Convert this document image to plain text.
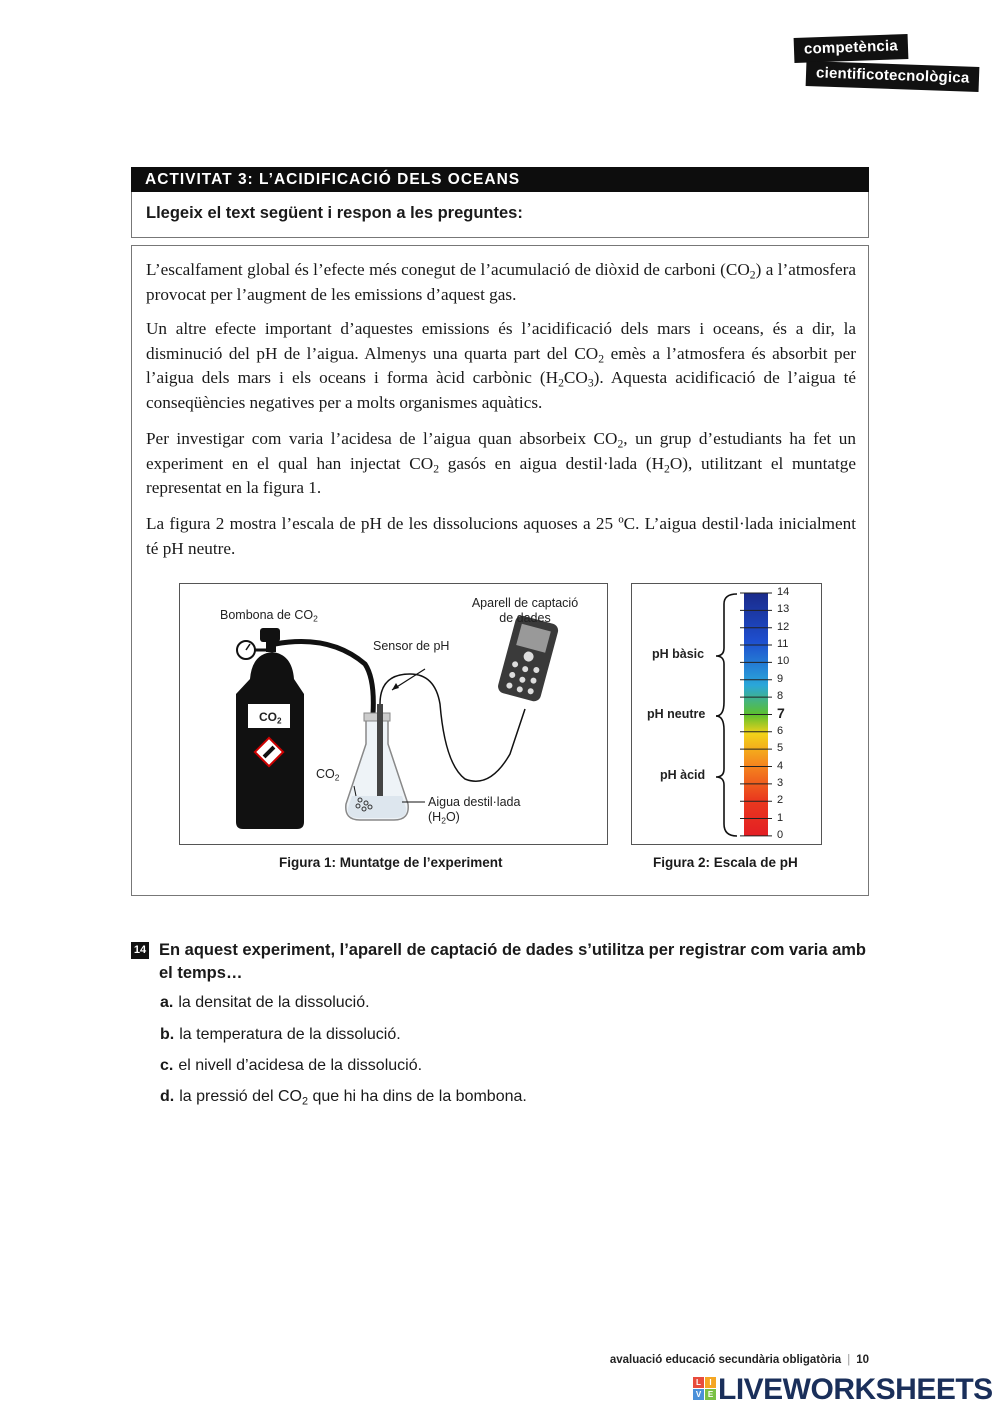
competència
cientificotecnològica
ACTIVITAT 3: L’ACIDIFICACIÓ DELS OCEANS
Llegeix el text següent i respon a les preguntes:

L’escalfament global és l’efecte més conegut de l’acumulació de diòxid de carboni $(CO_2)$ a l’atmosfera provocat per l’augment de les emissions d’aquest gas.

Un altre efecte important d’aquestes emissions és l’acidificació dels mars i oceans, és a dir, la disminució del pH de l’aigua. Almenys una quarta part del $CO_2$ emès a l’atmosfera és absorbit per l’aigua dels mars i els oceans i forma àcid carbònic $(H_2CO_3)$. Aquesta acidificació de l’aigua té conseqüències negatives per a molts organismes aquàtics.

Per investigar com varia l’acidesa de l’aigua quan absorbeix $CO_2$, un grup d’estudiants ha fet un experiment en el qual han injectat $CO_2$ gasós en aigua destil·lada $(H_2O)$, utilitzant el muntatge representat en la figura 1.

La figura 2 mostra l’escala de pH de les dissolucions aquoses a 25 ºC. L’aigua destil·lada inicialment té pH neutre.

Bombona de $CO_2$
Sensor de pH
Aparell de captació
de dades
$CO_2$
$CO_2$
Aigua destil·lada
$(H_2O)$
Figura 1: Muntatge de l’experiment
pH bàsic
pH neutre
pH àcid
14
13
12
11
10
9
8
7
6
5
4
3
2
1
0
Figura 2: Escala de pH
14 En aquest experiment, l’aparell de captació de dades s’utilitza per registrar com varia amb el temps…
a. la densitat de la dissolució.
b. la temperatura de la dissolució.
c. el nivell d’acidesa de la dissolució.
d. la pressió del $CO_2$ que hi ha dins de la bombona.
avaluació educació secundària obligatòria | 10
L	I
V E LIVEWORKSHEETS
